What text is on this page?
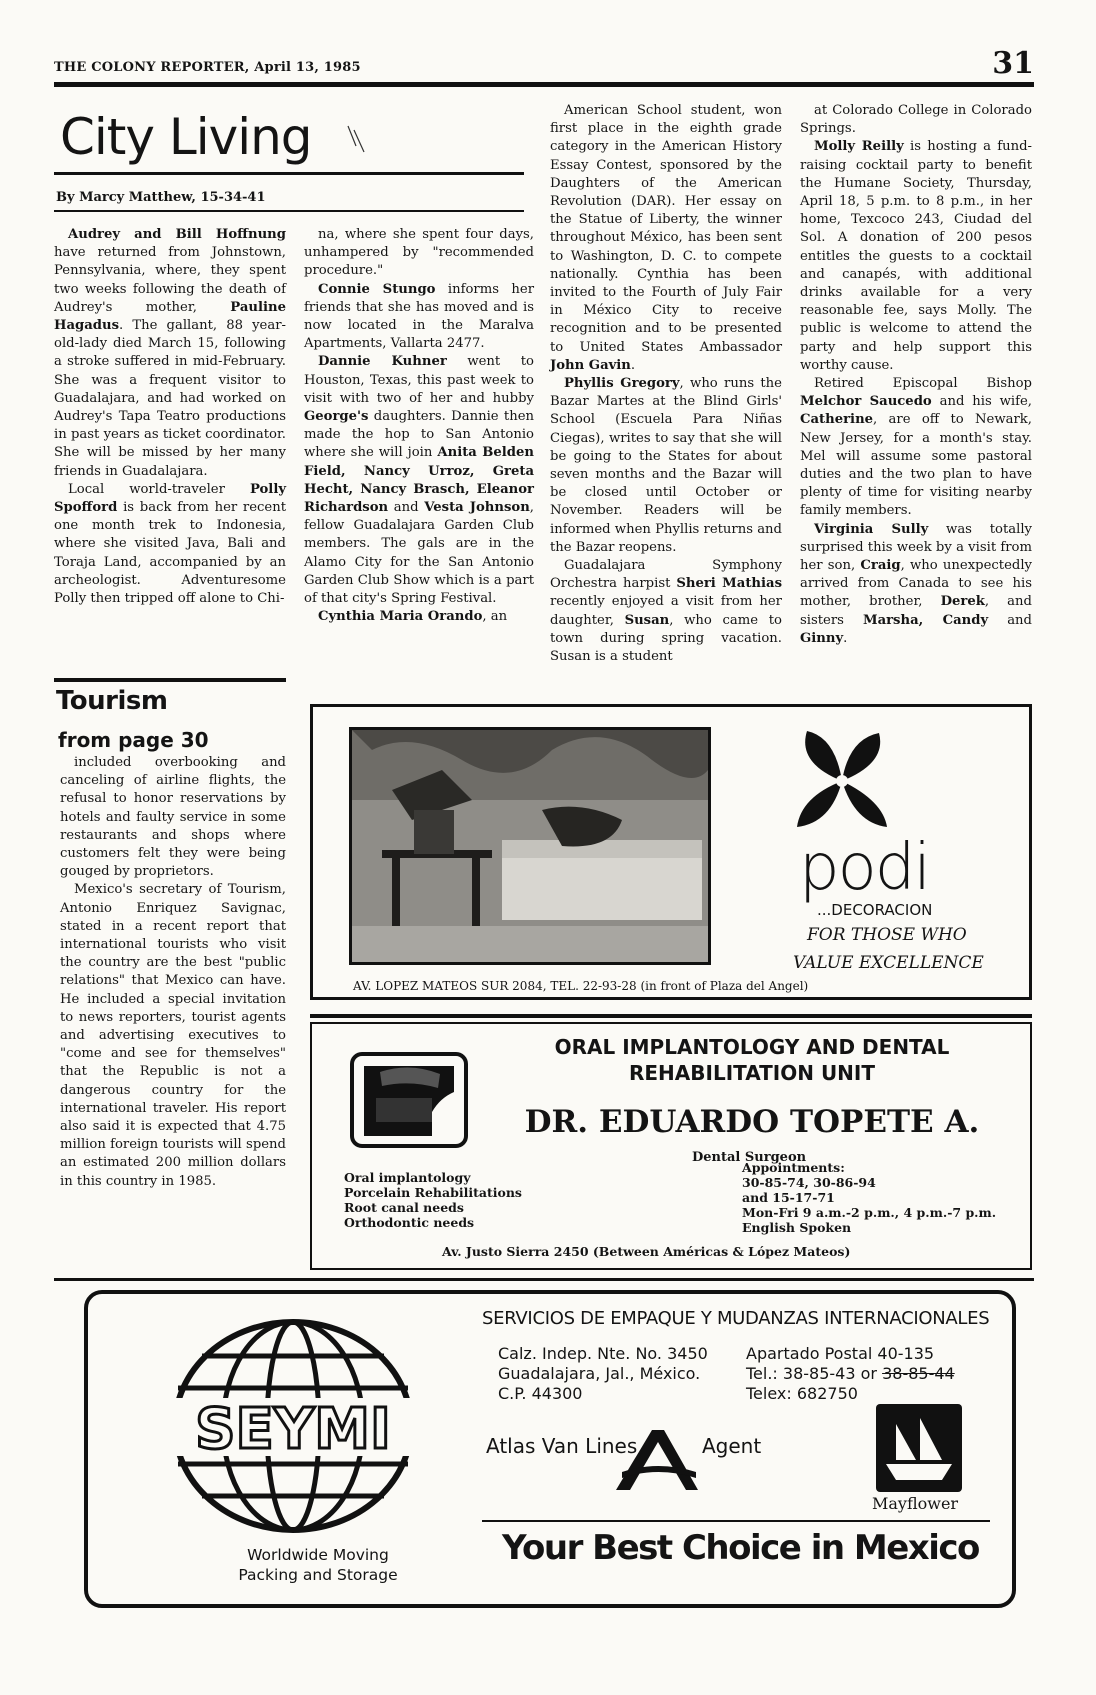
THE COLONY REPORTER, April 13, 1985	31
City Living
By Marcy Matthew, 15-34-41

Audrey and Bill Hoffnung have returned from Johnstown, Pennsylvania, where, they spent two weeks following the death of Audrey's mother, Pauline Hagadus. The gallant, 88 year-old-lady died March 15, following a stroke suffered in mid-February. She was a frequent visitor to Guadalajara, and had worked on Audrey's Tapa Teatro productions in past years as ticket coordinator. She will be missed by her many friends in Guadalajara.

Local world-traveler Polly Spofford is back from her recent one month trek to Indonesia, where she visited Java, Bali and Toraja Land, accompanied by an archeologist. Adventuresome Polly then tripped off alone to Chi-

na, where she spent four days, unhampered by "recommended procedure."

Connie Stungo informs her friends that she has moved and is now located in the Maralva Apartments, Vallarta 2477.

Dannie Kuhner went to Houston, Texas, this past week to visit with two of her and hubby George's daughters. Dannie then made the hop to San Antonio where she will join Anita Belden Field, Nancy Urroz, Greta Hecht, Nancy Brasch, Eleanor Richardson and Vesta Johnson, fellow Guadalajara Garden Club members. The gals are in the Alamo City for the San Antonio Garden Club Show which is a part of that city's Spring Festival.

Cynthia Maria Orando, an

American School student, won first place in the eighth grade category in the American History Essay Contest, sponsored by the Daughters of the American Revolution (DAR). Her essay on the Statue of Liberty, the winner throughout México, has been sent to Washington, D. C. to compete nationally. Cynthia has been invited to the Fourth of July Fair in México City to receive recognition and to be presented to United States Ambassador John Gavin.

Phyllis Gregory, who runs the Bazar Martes at the Blind Girls' School (Escuela Para Niñas Ciegas), writes to say that she will be going to the States for about seven months and the Bazar will be closed until October or November. Readers will be informed when Phyllis returns and the Bazar reopens.

Guadalajara Symphony Orchestra harpist Sheri Mathias recently enjoyed a visit from her daughter, Susan, who came to town during spring vacation. Susan is a student

at Colorado College in Colorado Springs.

Molly Reilly is hosting a fund-raising cocktail party to benefit the Humane Society, Thursday, April 18, 5 p.m. to 8 p.m., in her home, Texcoco 243, Ciudad del Sol. A donation of 200 pesos entitles the guests to a cocktail and canapés, with additional drinks available for a very reasonable fee, says Molly. The public is welcome to attend the party and help support this worthy cause.

Retired Episcopal Bishop Melchor Saucedo and his wife, Catherine, are off to Newark, New Jersey, for a month's stay. Mel will assume some pastoral duties and the two plan to have plenty of time for visiting nearby family members.

Virginia Sully was totally surprised this week by a visit from her son, Craig, who unexpectedly arrived from Canada to see his mother, brother, Derek, and sisters Marsha, Candy and Ginny.

Tourism
from page 30

included overbooking and canceling of airline flights, the refusal to honor reservations by hotels and faulty service in some restaurants and shops where customers felt they were being gouged by proprietors.

Mexico's secretary of Tourism, Antonio Enriquez Savignac, stated in a recent report that international tourists who visit the country are the best "public relations" that Mexico can have. He included a special invitation to news reporters, tourist agents and advertising executives to "come and see for themselves" that the Republic is not a dangerous country for the international traveler. His report also said it is expected that 4.75 million foreign tourists will spend an estimated 200 million dollars in this country in 1985.

podi
...DECORACION
FOR THOSE WHO
VALUE EXCELLENCE
AV. LOPEZ MATEOS SUR 2084, TEL. 22-93-28 (in front of Plaza del Angel)
ORAL IMPLANTOLOGY AND DENTAL REHABILITATION UNIT
DR. EDUARDO TOPETE A.
Dental Surgeon
Oral implantology
Porcelain Rehabilitations
Root canal needs
Orthodontic needs
Appointments:
30-85-74, 30-86-94
and 15-17-71
Mon-Fri 9 a.m.-2 p.m., 4 p.m.-7 p.m.
English Spoken
Av. Justo Sierra 2450 (Between Américas & López Mateos)
SEYMI
Worldwide Moving
Packing and Storage
SERVICIOS DE EMPAQUE Y MUDANZAS INTERNACIONALES
Calz. Indep. Nte. No. 3450
Guadalajara, Jal., México.
C.P. 44300
Apartado Postal 40-135
Tel.: 38-85-43 or 38-85-44
Telex: 682750
Atlas Van Lines	Agent
Mayflower
Your Best Choice in Mexico
